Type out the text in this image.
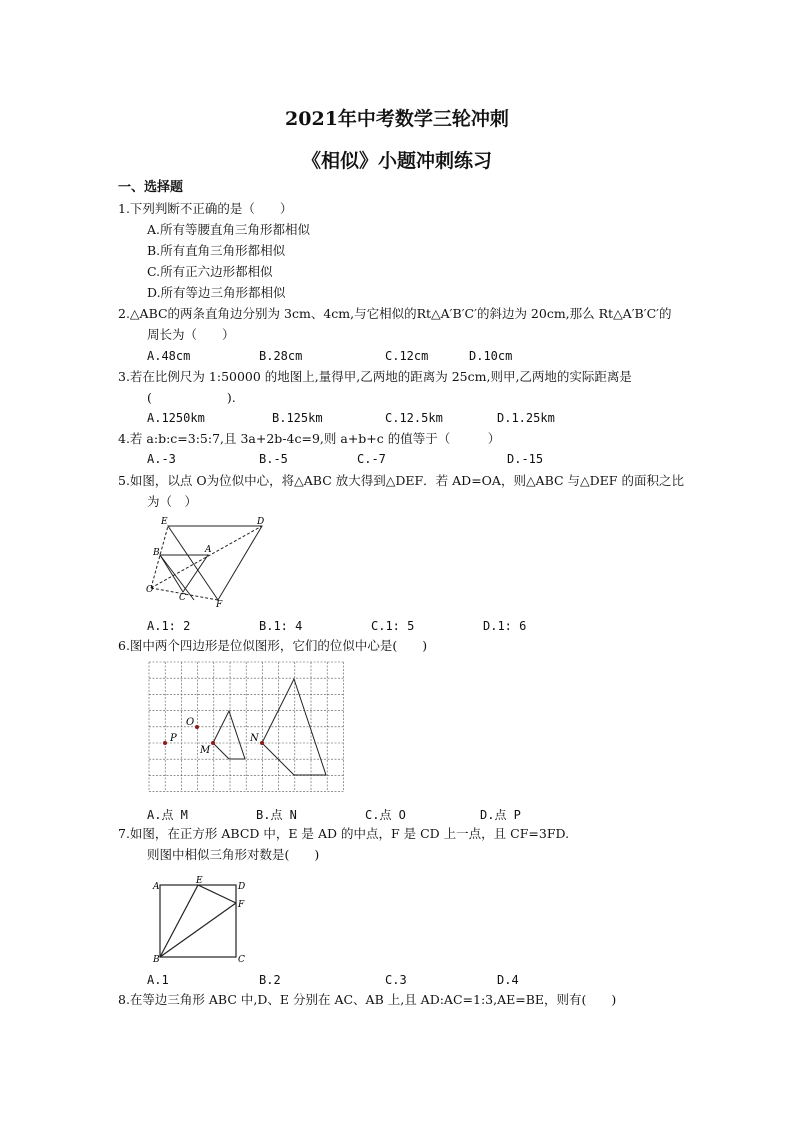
2021年中考数学三轮冲刺
《相似》小题冲刺练习
一、选择题
1.下列判断不正确的是（　　）
A.所有等腰直角三角形都相似
B.所有直角三角形都相似
C.所有正六边形都相似
D.所有等边三角形都相似
2.△ABC的两条直角边分别为 3cm、4cm,与它相似的Rt△A′B′C′的斜边为 20cm,那么 Rt△A′B′C′的
周长为（　　）
A.48cm	B.28cm	C.12cm	D.10cm
3.若在比例尺为 1:50000 的地图上,量得甲,乙两地的距离为 25cm,则甲,乙两地的实际距离是
(　　　　　　).
A.1250km	B.125km	C.12.5km	D.1.25km
4.若 a:b:c=3:5:7,且 3a+2b-4c=9,则 a+b+c 的值等于（　　　）
A.-3	B.-5	C.-7	D.-15
5.如图，以点 O为位似中心，将△ABC 放大得到△DEF．若 AD=OA，则△ABC 与△DEF 的面积之比
为（　）
E	D
B	A
O
C
F
A.1: 2	B.1: 4	C.1: 5	D.1: 6
6.图中两个四边形是位似图形，它们的位似中心是(　　)
P
O
M
N
A.点 M	B.点 N	C.点 O	D.点 P
7.如图，在正方形 ABCD 中，E 是 AD 的中点，F 是 CD 上一点，且 CF=3FD.
则图中相似三角形对数是(　　)
A
E
D
F
B	C
A.1	B.2	C.3	D.4
8.在等边三角形 ABC 中,D、E 分别在 AC、AB 上,且 AD:AC=1:3,AE=BE，则有(　　)
